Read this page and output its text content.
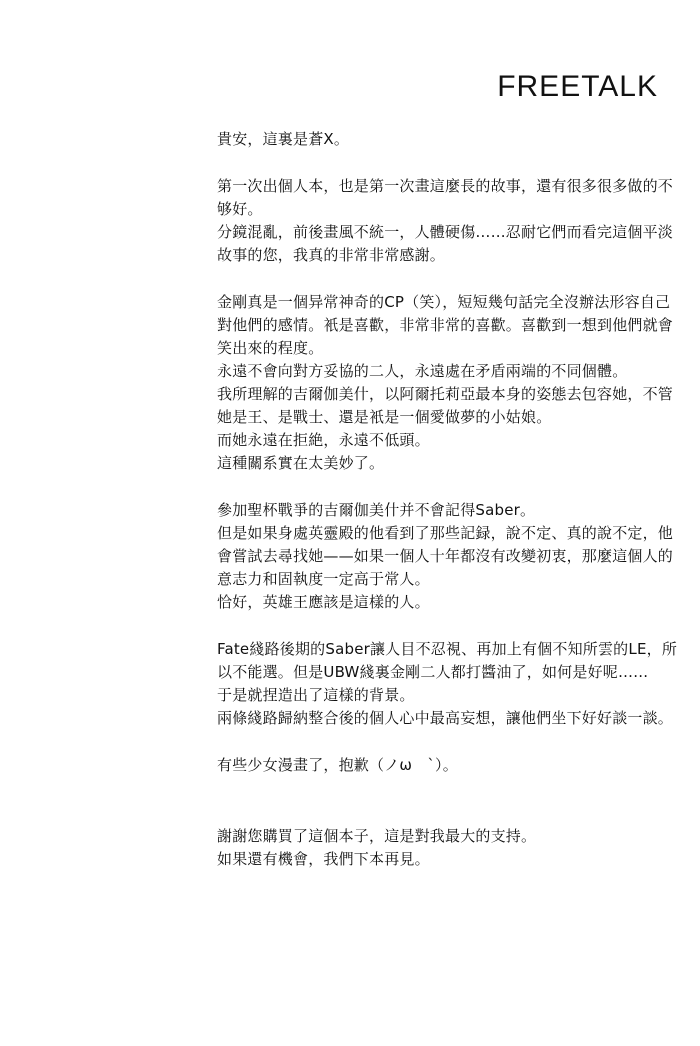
FREETALK
貴安，這裏是蒼X。
第一次出個人本，也是第一次畫這麼長的故事，還有很多很多做的不
够好。
分鏡混亂，前後畫風不統一，人體硬傷……忍耐它們而看完這個平淡
故事的您，我真的非常非常感謝。
金剛真是一個异常神奇的CP（笑），短短幾句話完全沒辦法形容自己
對他們的感情。衹是喜歡，非常非常的喜歡。喜歡到一想到他們就會
笑出來的程度。
永遠不會向對方妥協的二人，永遠處在矛盾兩端的不同個體。
我所理解的吉爾伽美什，以阿爾托莉亞最本身的姿態去包容她，不管
她是王、是戰士、還是衹是一個愛做夢的小姑娘。
而她永遠在拒絶，永遠不低頭。
這種關系實在太美妙了。
參加聖杯戰爭的吉爾伽美什并不會記得Saber。
但是如果身處英靈殿的他看到了那些記録，說不定、真的說不定，他
會嘗試去尋找她——如果一個人十年都沒有改變初衷，那麼這個人的
意志力和固執度一定高于常人。
恰好，英雄王應該是這樣的人。
Fate綫路後期的Saber讓人目不忍視、再加上有個不知所雲的LE，所
以不能選。但是UBW綫裏金剛二人都打醬油了，如何是好呢……
于是就捏造出了這樣的背景。
兩條綫路歸納整合後的個人心中最高妄想，讓他們坐下好好談一談。
有些少女漫畫了，抱歉（ノω　`）。
謝謝您購買了這個本子，這是對我最大的支持。
如果還有機會，我們下本再見。
